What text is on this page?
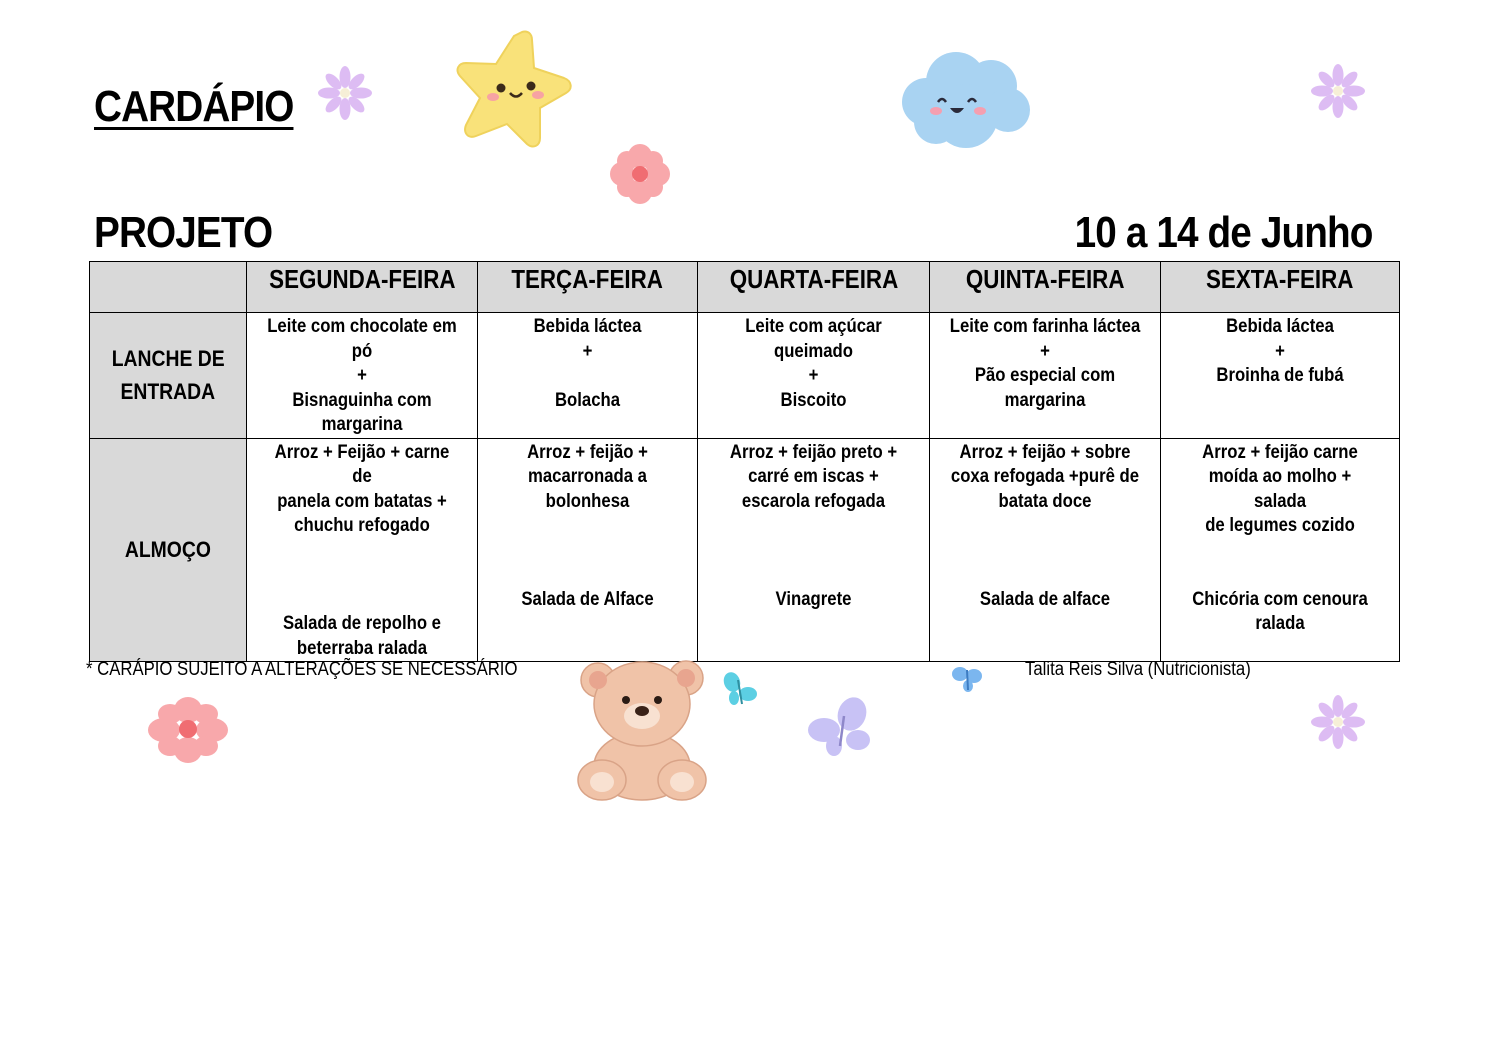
CARDÁPIO
PROJETO	10 a 14 de Junho
	SEGUNDA-FEIRA	TERÇA-FEIRA	QUARTA-FEIRA	QUINTA-FEIRA	SEXTA-FEIRA
LANCHE DE
ENTRADA	Leite com chocolate em
pó
+
Bisnaguinha com
margarina	Bebida láctea
+

Bolacha	Leite com açúcar
queimado
+
Biscoito	Leite com farinha láctea
+
Pão especial com
margarina	Bebida láctea
+
Broinha de fubá

ALMOÇO	Arroz + Feijão + carne de
panela com batatas +
chuchu refogado
Salada de repolho e
beterraba ralada	Arroz + feijão +
macarronada a
bolonhesa
Salada de Alface	Arroz + feijão preto +
carré em iscas +
escarola refogada
Vinagrete	Arroz + feijão + sobre
coxa refogada +purê de
batata doce
Salada de alface	Arroz + feijão carne
moída ao molho + salada
de legumes cozido
Chicória com cenoura
ralada
* CARÁPIO SUJEITO A ALTERAÇÕES SE NECESSÁRIO	Talita Reis Silva (Nutricionista)
